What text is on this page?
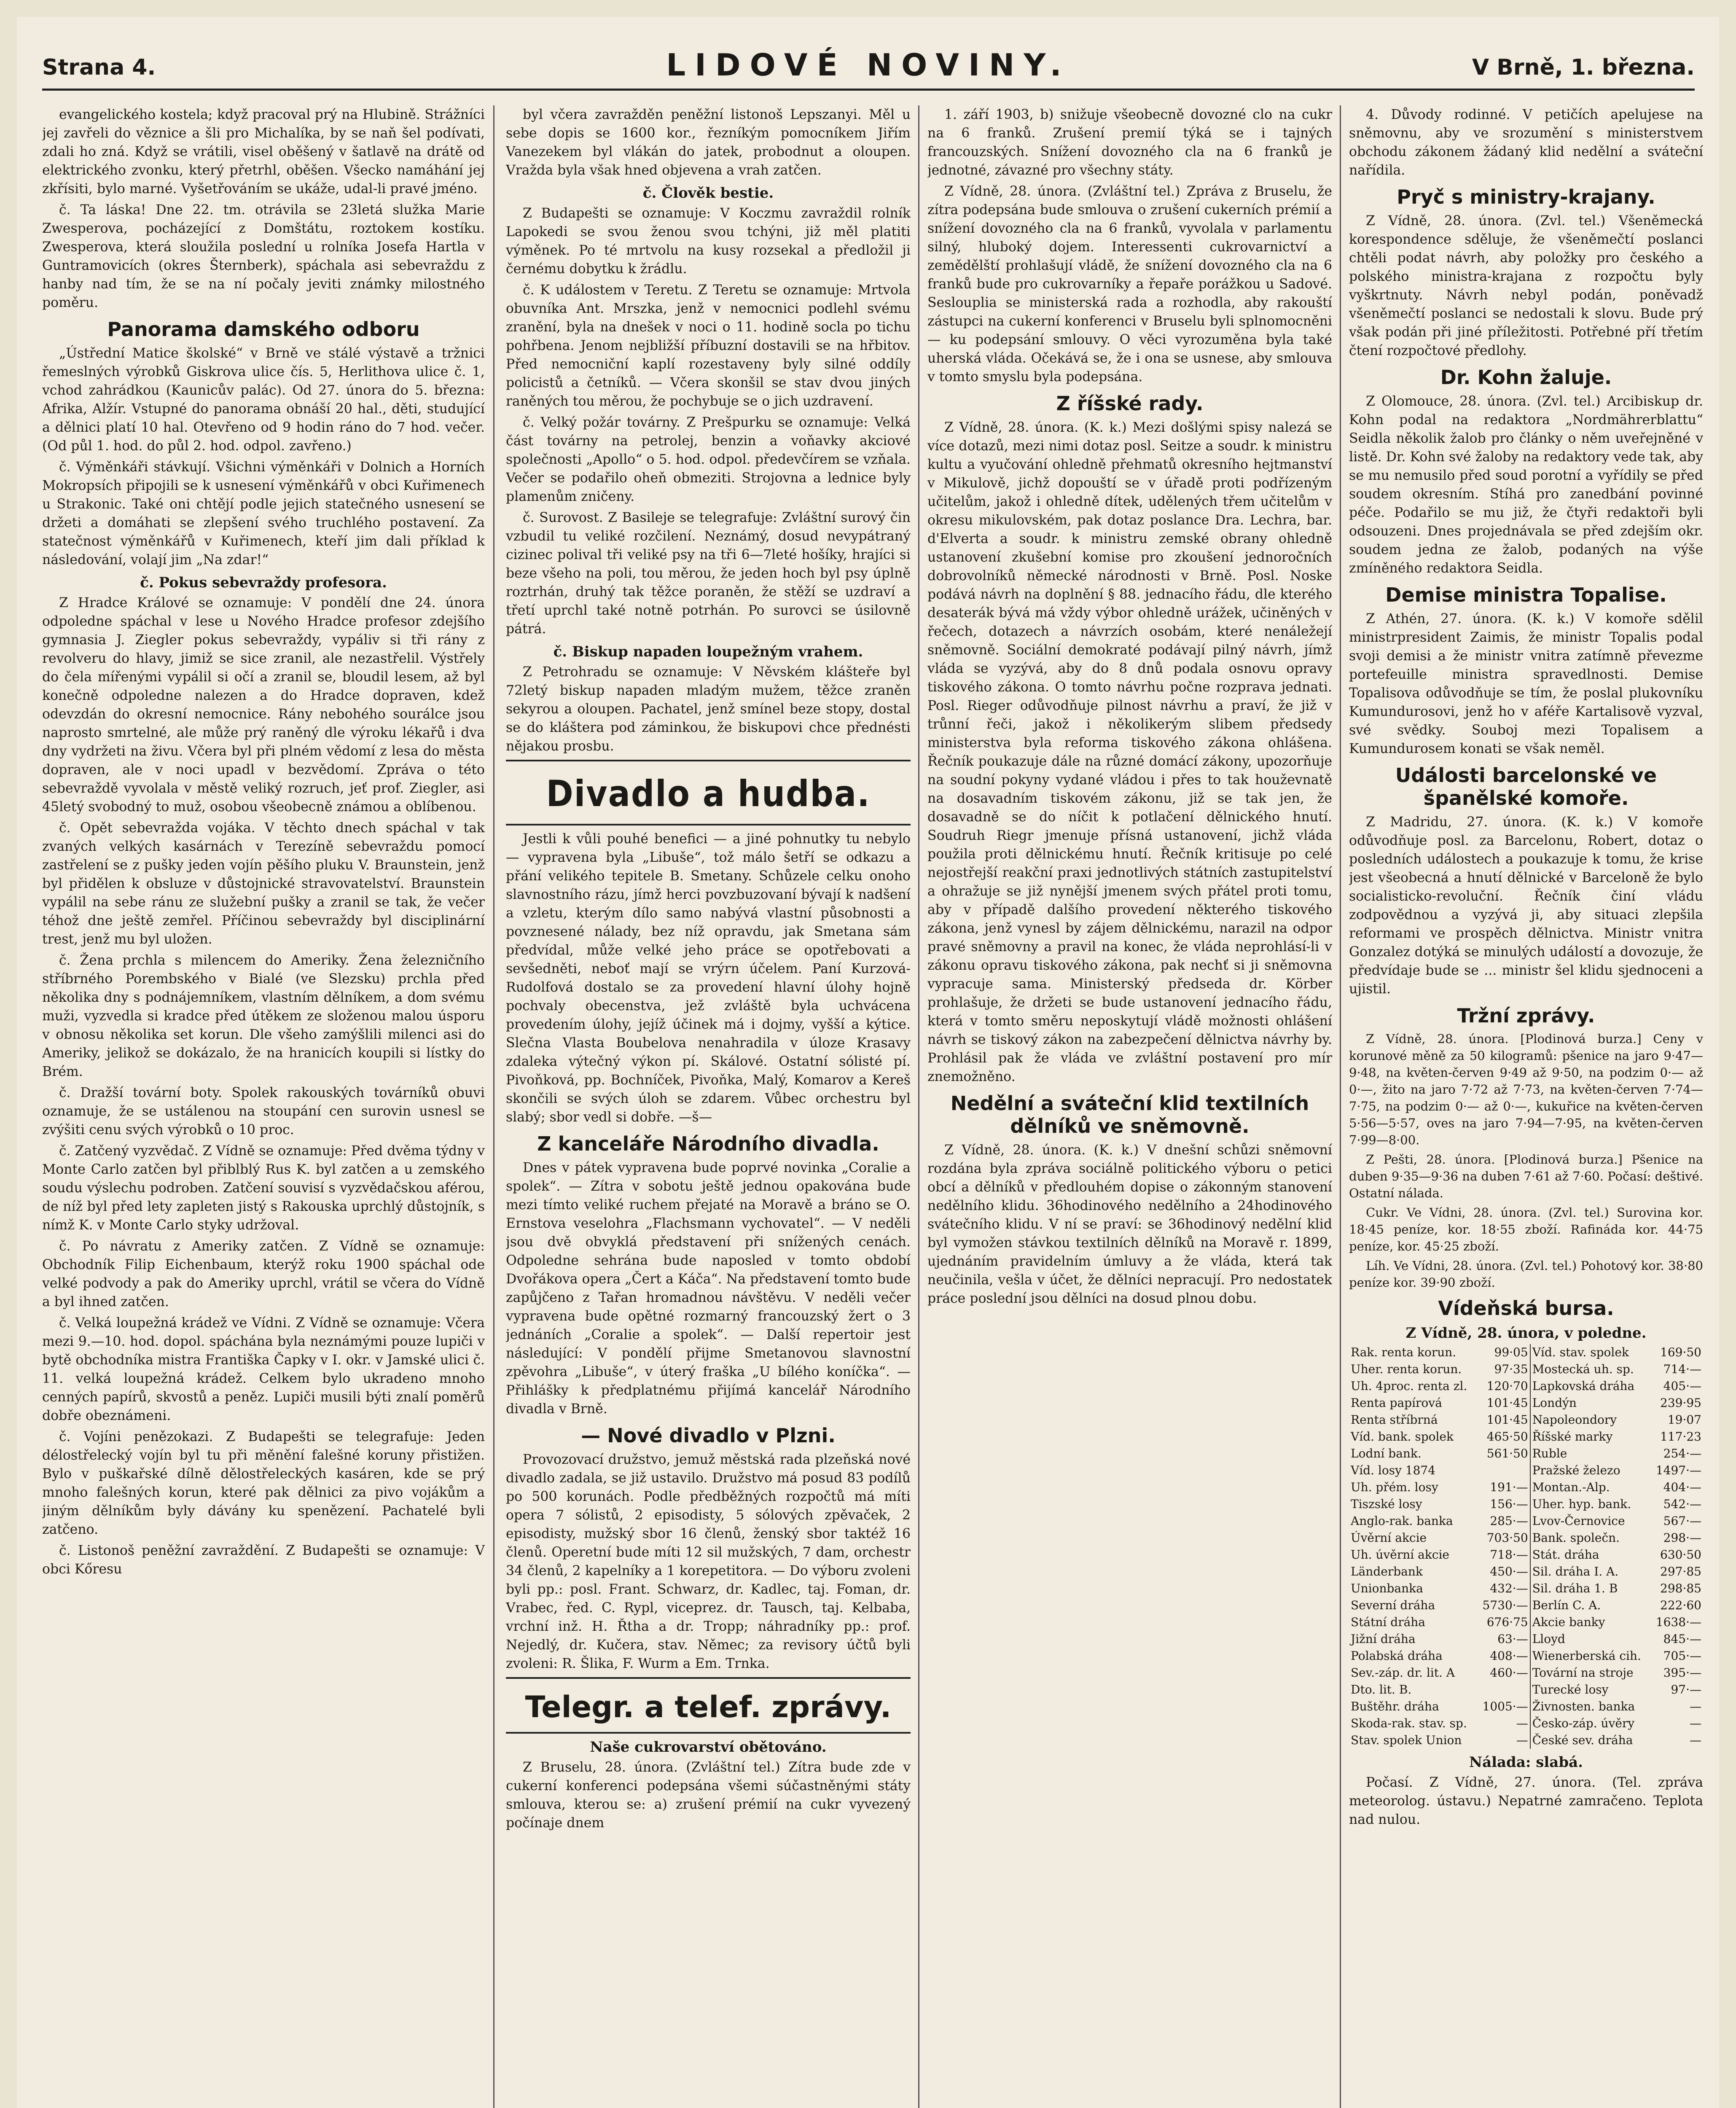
Strana 4.	LIDOVÉ NOVINY.	V Brně, 1. března.

evangelického kostela; když pracoval prý na Hlubině. Strážníci jej zavřeli do věznice a šli pro Michalíka, by se naň šel podívati, zdali ho zná. Když se vrátili, visel oběšený v šatlavě na drátě od elektrického zvonku, který přetrhl, oběšen. Všecko namáhání jej zkřísiti, bylo marné. Vyšetřováním se ukáže, udal-li pravé jméno.

č. Ta láska! Dne 22. tm. otrávila se 23letá služka Marie Zwesperova, pocházející z Domštátu, roztokem kostíku. Zwesperova, která sloužila poslední u rolníka Josefa Hartla v Guntramovicích (okres Šternberk), spáchala asi sebevraždu z hanby nad tím, že se na ní počaly jeviti známky milostného poměru.

Panorama damského odboru

„Ústřední Matice školské“ v Brně ve stálé výstavě a tržnici řemeslných výrobků Giskrova ulice čís. 5, Herlithova ulice č. 1, vchod zahrádkou (Kaunicův palác). Od 27. února do 5. března: Afrika, Alžír. Vstupné do panorama obnáší 20 hal., děti, studující a dělnici platí 10 hal. Otevřeno od 9 hodin ráno do 7 hod. večer. (Od půl 1. hod. do půl 2. hod. odpol. zavřeno.)

č. Výměnkáři stávkují. Všichni výměnkáři v Dolnich a Horních Mokropsích připojili se k usnesení výměnkářů v obci Kuřimenech u Strakonic. Také oni chtějí podle jejich statečného usnesení se držeti a domáhati se zlepšení svého truchlého postavení. Za statečnost výměnkářů v Kuřimenech, kteří jim dali příklad k následování, volají jim „Na zdar!“

č. Pokus sebevraždy profesora.

Z Hradce Králové se oznamuje: V pondělí dne 24. února odpoledne spáchal v lese u Nového Hradce profesor zdejšího gymnasia J. Ziegler pokus sebevraždy, vypáliv si tři rány z revolveru do hlavy, jimiž se sice zranil, ale nezastřelil. Výstřely do čela mířenými vypálil si očí a zranil se, bloudil lesem, až byl konečně odpoledne nalezen a do Hradce dopraven, kdež odevzdán do okresní nemocnice. Rány nebohého sourálce jsou naprosto smrtelné, ale může prý raněný dle výroku lékařů i dva dny vydržeti na živu. Včera byl při plném vědomí z lesa do města dopraven, ale v noci upadl v bezvědomí. Zpráva o této sebevraždě vyvolala v městě veliký rozruch, jeť prof. Ziegler, asi 45letý svobodný to muž, osobou všeobecně známou a oblíbenou.

č. Opět sebevražda vojáka. V těchto dnech spáchal v tak zvaných velkých kasárnách v Terezíně sebevraždu pomocí zastřelení se z pušky jeden vojín pěšího pluku V. Braunstein, jenž byl přidělen k obsluze v důstojnické stravovatelství. Braunstein vypálil na sebe ránu ze služební pušky a zranil se tak, že večer téhož dne ještě zemřel. Příčinou sebevraždy byl disciplinární trest, jenž mu byl uložen.

č. Žena prchla s milencem do Ameriky. Žena železničního stříbrného Porembského v Bialé (ve Slezsku) prchla před několika dny s podnájemníkem, vlastním dělníkem, a dom svému muži, vyzvedla si kradce před útěkem ze složenou malou úsporu v obnosu několika set korun. Dle všeho zamýšlili milenci asi do Ameriky, jelikož se dokázalo, že na hranicích koupili si lístky do Brém.

č. Dražší tovární boty. Spolek rakouských továrníků obuvi oznamuje, že se ustálenou na stoupání cen surovin usnesl se zvýšiti cenu svých výrobků o 10 proc.

č. Zatčený vyzvědač. Z Vídně se oznamuje: Před dvěma týdny v Monte Carlo zatčen byl přiblblý Rus K. byl zatčen a u zemského soudu výslechu podroben. Zatčení souvisí s vyzvědačskou aférou, de níž byl před lety zapleten jistý s Rakouska uprchlý důstojník, s nímž K. v Monte Carlo styky udržoval.

č. Po návratu z Ameriky zatčen. Z Vídně se oznamuje: Obchodník Filip Eichenbaum, kterýž roku 1900 spáchal ode velké podvody a pak do Ameriky uprchl, vrátil se včera do Vídně a byl ihned zatčen.

č. Velká loupežná krádež ve Vídni. Z Vídně se oznamuje: Včera mezi 9.—10. hod. dopol. spáchána byla neznámými pouze lupiči v bytě obchodníka mistra Františka Čapky v I. okr. v Jamské ulici č. 11. velká loupežná krádež. Celkem bylo ukradeno mnoho cenných papírů, skvostů a peněz. Lupiči musili býti znalí poměrů dobře obeznámeni.

č. Vojíni penězokazi. Z Budapešti se telegrafuje: Jeden délostřelecký vojín byl tu při měnění falešné koruny přistižen. Bylo v puškařské dílně dělostřeleckých kasáren, kde se prý mnoho falešných korun, které pak dělnici za pivo vojákům a jiným dělníkům byly dávány ku spenězení. Pachatelé byli zatčeno.

č. Listonoš peněžní zavraždění. Z Budapešti se oznamuje: V obci Kőresu

byl včera zavražděn peněžní listonoš Lepszanyi. Měl u sebe dopis se 1600 kor., řezníkým pomocníkem Jiřím Vanezekem byl vlákán do jatek, probodnut a oloupen. Vražda byla však hned objevena a vrah zatčen.

č. Člověk bestie.

Z Budapešti se oznamuje: V Koczmu zavraždil rolník Lapokedi se svou ženou svou tchýni, již měl platiti výměnek. Po té mrtvolu na kusy rozsekal a předložil ji černému dobytku k žrádlu.

č. K událostem v Teretu. Z Teretu se oznamuje: Mrtvola obuvníka Ant. Mrszka, jenž v nemocnici podlehl svému zranění, byla na dnešek v noci o 11. hodině socla po tichu pohřbena. Jenom nejbližší příbuzní dostavili se na hřbitov. Před nemocniční kaplí rozestaveny byly silné oddíly policistů a četníků. — Včera skonšil se stav dvou jiných raněných tou měrou, že pochybuje se o jich uzdravení.

č. Velký požár továrny. Z Prešpurku se oznamuje: Velká část továrny na petrolej, benzin a voňavky akciové společnosti „Apollo“ o 5. hod. odpol. předevčírem se vzňala. Večer se podařilo oheň obmeziti. Strojovna a lednice byly plamenům zničeny.

č. Surovost. Z Basileje se telegrafuje: Zvláštní surový čin vzbudil tu veliké rozčilení. Neznámý, dosud nevypátraný cizinec polival tři veliké psy na tři 6—7leté hošíky, hrajíci si beze všeho na poli, tou měrou, že jeden hoch byl psy úplně roztrhán, druhý tak těžce poraněn, že stěží se uzdraví a třetí uprchl také notně potrhán. Po surovci se úsilovně pátrá.

č. Biskup napaden loupežným vrahem.

Z Petrohradu se oznamuje: V Něvském klášteře byl 72letý biskup napaden mladým mužem, těžce zraněn sekyrou a oloupen. Pachatel, jenž smínel beze stopy, dostal se do kláštera pod záminkou, že biskupovi chce přednésti nějakou prosbu.

Divadlo a hudba.

Jestli k vůli pouhé benefici — a jiné pohnutky tu nebylo — vypravena byla „Libuše“, tož málo šetří se odkazu a přání velikého tepitele B. Smetany. Schůzele celku onoho slavnostního rázu, jímž herci povzbuzovaní bývají k nadšení a vzletu, kterým dílo samo nabývá vlastní působnosti a povznesené nálady, bez níž opravdu, jak Smetana sám předvídal, může velké jeho práce se opotřebovati a sevšedněti, neboť mají se vrýrn účelem. Paní Kurzová-Rudolfová dostalo se za provedení hlavní úlohy hojně pochvaly obecenstva, jež zvláště byla uchvácena provedením úlohy, jejíž účinek má i dojmy, vyšší a kýtice. Slečna Vlasta Boubelova nenahradila v úloze Krasavy zdaleka výtečný výkon pí. Skálové. Ostatní sólisté pí. Pivoňková, pp. Bochníček, Pivoňka, Malý, Komarov a Kereš skončili se svých úloh se zdarem. Vůbec orchestru byl slabý; sbor vedl si dobře. —š—

Z kanceláře Národního divadla.

Dnes v pátek vypravena bude poprvé novinka „Coralie a spolek“. — Zítra v sobotu ještě jednou opakována bude mezi tímto veliké ruchem přejaté na Moravě a bráno se O. Ernstova veselohra „Flachsmann vychovatel“. — V neděli jsou dvě obvyklá představení při snížených cenách. Odpoledne sehrána bude naposled v tomto období Dvořákova opera „Čert a Káča“. Na představení tomto bude zapůjčeno z Tařan hromadnou návštěvu. V neděli večer vypravena bude opětné rozmarný francouzský žert o 3 jednáních „Coralie a spolek“. — Další repertoir jest následující: V pondělí přijme Smetanovou slavnostní zpěvohra „Libuše“, v úterý fraška „U bílého koníčka“. — Přihlášky k předplatnému přijímá kancelář Národního divadla v Brně.

— Nové divadlo v Plzni.

Provozovací družstvo, jemuž městská rada plzeňská nové divadlo zadala, se již ustavilo. Družstvo má posud 83 podílů po 500 korunách. Podle předběžných rozpočtů má míti opera 7 sólistů, 2 episodisty, 5 sólových zpěvaček, 2 episodisty, mužský sbor 16 členů, ženský sbor taktéž 16 členů. Operetní bude míti 12 sil mužských, 7 dam, orchestr 34 členů, 2 kapelníky a 1 korepetitora. — Do výboru zvoleni byli pp.: posl. Frant. Schwarz, dr. Kadlec, taj. Foman, dr. Vrabec, řed. C. Rypl, viceprez. dr. Tausch, taj. Kelbaba, vrchní inž. H. Řtha a dr. Tropp; náhradníky pp.: prof. Nejedlý, dr. Kučera, stav. Němec; za revisory účtů byli zvoleni: R. Šlika, F. Wurm a Em. Trnka.

Telegr. a telef. zprávy.
Naše cukrovarství obětováno.

Z Bruselu, 28. února. (Zvláštní tel.) Zítra bude zde v cukerní konferenci podepsána všemi súčastněnými státy smlouva, kterou se: a) zrušení prémií na cukr vyvezený počínaje dnem

1. září 1903, b) snižuje všeobecně dovozné clo na cukr na 6 franků. Zrušení premií týká se i tajných francouzských. Snížení dovozného cla na 6 franků je jednotné, závazné pro všechny státy.

Z Vídně, 28. února. (Zvláštní tel.) Zpráva z Bruselu, že zítra podepsána bude smlouva o zrušení cukerních prémií a snížení dovozného cla na 6 franků, vyvolala v parlamentu silný, hluboký dojem. Interessenti cukrovarnictví a zemědělští prohlašují vládě, že snížení dovozného cla na 6 franků bude pro cukrovarníky a řepaře porážkou u Sadové. Seslouplia se ministerská rada a rozhodla, aby rakouští zástupci na cukerní konferenci v Bruselu byli splnomocněni — ku podepsání smlouvy. O věci vyrozuměna byla také uherská vláda. Očekává se, že i ona se usnese, aby smlouva v tomto smyslu byla podepsána.

Z říšské rady.

Z Vídně, 28. února. (K. k.) Mezi došlými spisy nalezá se více dotazů, mezi nimi dotaz posl. Seitze a soudr. k ministru kultu a vyučování ohledně přehmatů okresního hejtmanství v Mikulově, jichž dopouští se v úřadě proti podřízeným učitelům, jakož i ohledně dítek, udělených třem učitelům v okresu mikulovském, pak dotaz poslance Dra. Lechra, bar. d'Elverta a soudr. k ministru zemské obrany ohledně ustanovení zkušební komise pro zkoušení jednoročních dobrovolníků německé národnosti v Brně. Posl. Noske podává návrh na doplnění § 88. jednacího řádu, dle kterého desaterák bývá má vždy výbor ohledně urážek, učiněných v řečech, dotazech a návrzích osobám, které nenáležejí sněmovně. Sociální demokraté podávají pilný návrh, jímž vláda se vyzývá, aby do 8 dnů podala osnovu opravy tiskového zákona. O tomto návrhu počne rozprava jednati. Posl. Rieger odůvodňuje pilnost návrhu a praví, že již v trůnní řeči, jakož i několikerým slibem předsedy ministerstva byla reforma tiskového zákona ohlášena. Řečník poukazuje dále na různé domácí zákony, upozorňuje na soudní pokyny vydané vládou i přes to tak houževnatě na dosavadním tiskovém zákonu, již se tak jen, že dosavadně se do níčit k potlačení dělnického hnutí. Soudruh Riegr jmenuje přísná ustanovení, jichž vláda použila proti dělnickému hnutí. Řečník kritisuje po celé nejostřejší reakční praxi jednotlivých státních zastupitelství a ohražuje se již nynější jmenem svých přátel proti tomu, aby v případě dalšího provedení některého tiskového zákona, jenž vynesl by zájem dělnickému, narazil na odpor pravé sněmovny a pravil na konec, že vláda neprohlásí-li v zákonu opravu tiskového zákona, pak nechť si ji sněmovna vypracuje sama. Ministerský předseda dr. Körber prohlašuje, že držeti se bude ustanovení jednacího řádu, která v tomto směru neposkytují vládě možnosti ohlášení návrh se tiskový zákon na zabezpečení dělnictva návrhy by. Prohlásil pak že vláda ve zvláštní postavení pro mír znemožněno.

Nedělní a sváteční klid textilních dělníků ve sněmovně.

Z Vídně, 28. února. (K. k.) V dnešní schůzi sněmovní rozdána byla zpráva sociálně politického výboru o petici obcí a dělníků v předlouhém dopise o zákonným stanovení nedělního klidu. 36hodinového nedělního a 24hodinového svátečního klidu. V ní se praví: se 36hodinový nedělní klid byl vymožen stávkou textilních dělníků na Moravě r. 1899, ujednáním pravidelním úmluvy a že vláda, která tak neučinila, vešla v účet, že dělníci nepracují. Pro nedostatek práce poslední jsou dělníci na dosud plnou dobu.

4. Důvody rodinné. V petičích apelujese na sněmovnu, aby ve srozumění s ministerstvem obchodu zákonem žádaný klid nedělní a sváteční nařídila.

Pryč s ministry-krajany.

Z Vídně, 28. února. (Zvl. tel.) Všeněmecká korespondence sděluje, že všeněmečtí poslanci chtěli podat návrh, aby položky pro českého a polského ministra-krajana z rozpočtu byly vyškrtnuty. Návrh nebyl podán, poněvadž všeněmečtí poslanci se nedostali k slovu. Bude prý však podán při jiné příležitosti. Potřebné pří třetím čtení rozpočtové předlohy.

Dr. Kohn žaluje.

Z Olomouce, 28. února. (Zvl. tel.) Arcibiskup dr. Kohn podal na redaktora „Nordmährerblattu“ Seidla několik žalob pro články o něm uveřejněné v listě. Dr. Kohn své žaloby na redaktory vede tak, aby se mu nemusilo před soud porotní a vyřídily se před soudem okresním. Stíhá pro zanedbání povinné péče. Podařilo se mu již, že čtyři redaktoři byli odsouzeni. Dnes projednávala se před zdejším okr. soudem jedna ze žalob, podaných na výše zmíněného redaktora Seidla.

Demise ministra Topalise.

Z Athén, 27. února. (K. k.) V komoře sdělil ministrpresident Zaimis, že ministr Topalis podal svoji demisi a že ministr vnitra zatímně převezme portefeuille ministra spravedlnosti. Demise Topalisova odůvodňuje se tím, že poslal plukovníku Kumundurosovi, jenž ho v aféře Kartalisově vyzval, své svědky. Souboj mezi Topalisem a Kumundurosem konati se však neměl.

Události barcelonské ve španělské komoře.

Z Madridu, 27. února. (K. k.) V komoře odůvodňuje posl. za Barcelonu, Robert, dotaz o posledních událostech a poukazuje k tomu, že krise jest všeobecná a hnutí dělnické v Barceloně že bylo socialisticko-revoluční. Řečník činí vládu zodpovědnou a vyzývá ji, aby situaci zlepšila reformami ve prospěch dělnictva. Ministr vnitra Gonzalez dotýká se minulých událostí a dovozuje, že předvídaje bude se ... ministr šel klidu sjednoceni a ujistil.

Tržní zprávy.

Z Vídně, 28. února. [Plodinová burza.] Ceny v korunové měně za 50 kilogramů: pšenice na jaro 9·47—9·48, na květen-červen 9·49 až 9·50, na podzim 0·— až 0·—, žito na jaro 7·72 až 7·73, na květen-červen 7·74—7·75, na podzim 0·— až 0·—, kukuřice na květen-červen 5·56—5·57, oves na jaro 7·94—7·95, na květen-červen 7·99—8·00.

Z Pešti, 28. února. [Plodinová burza.] Pšenice na duben 9·35—9·36 na duben 7·61 až 7·60. Počasí: deštivé. Ostatní nálada.

Cukr. Ve Vídni, 28. února. (Zvl. tel.) Surovina kor. 18·45 peníze, kor. 18·55 zboží. Rafináda kor. 44·75 peníze, kor. 45·25 zboží.

Líh. Ve Vídni, 28. února. (Zvl. tel.) Pohotový kor. 38·80 peníze kor. 39·90 zboží.

Vídeňská bursa.
Z Vídně, 28. února, v poledne.
Rak. renta korun.	99·05	Víd. stav. spolek	169·50
Uher. renta korun.	97·35	Mostecká uh. sp.	714·—
Uh. 4proc. renta zl.	120·70	Lapkovská dráha	405·—
Renta papírová	101·45	Londýn	239·95
Renta stříbrná	101·45	Napoleondory	19·07
Víd. bank. spolek	465·50	Říšské marky	117·23
Lodní bank.	561·50	Ruble	254·—
Víd. losy 1874		Pražské železo	1497·—
Uh. přém. losy	191·—	Montan.-Alp.	404·—
Tiszské losy	156·—	Uher. hyp. bank.	542·—
Anglo-rak. banka	285·—	Lvov-Černovice	567·—
Úvěrní akcie	703·50	Bank. společn.	298·—
Uh. úvěrní akcie	718·—	Stát. dráha	630·50
Länderbank	450·—	Sil. dráha I. A.	297·85
Unionbanka	432·—	Sil. dráha 1. B	298·85
Severní dráha	5730·—	Berlín C. A.	222·60
Státní dráha	676·75	Akcie banky	1638·—
Jižní dráha	63·—	Lloyd	845·—
Polabská dráha	408·—	Wienerberská cih.	705·—
Sev.-záp. dr. lit. A	460·—	Tovární na stroje	395·—
Dto. lit. B.		Turecké losy	97·—
Buštěhr. dráha	1005·—	Živnosten. banka	—
Skoda-rak. stav. sp.	—	Česko-záp. úvěry	—
Stav. spolek Union	—	České sev. dráha	—
Nálada: slabá.

Počasí. Z Vídně, 27. února. (Tel. zpráva meteorolog. ústavu.) Nepatrné zamračeno. Teplota nad nulou.
